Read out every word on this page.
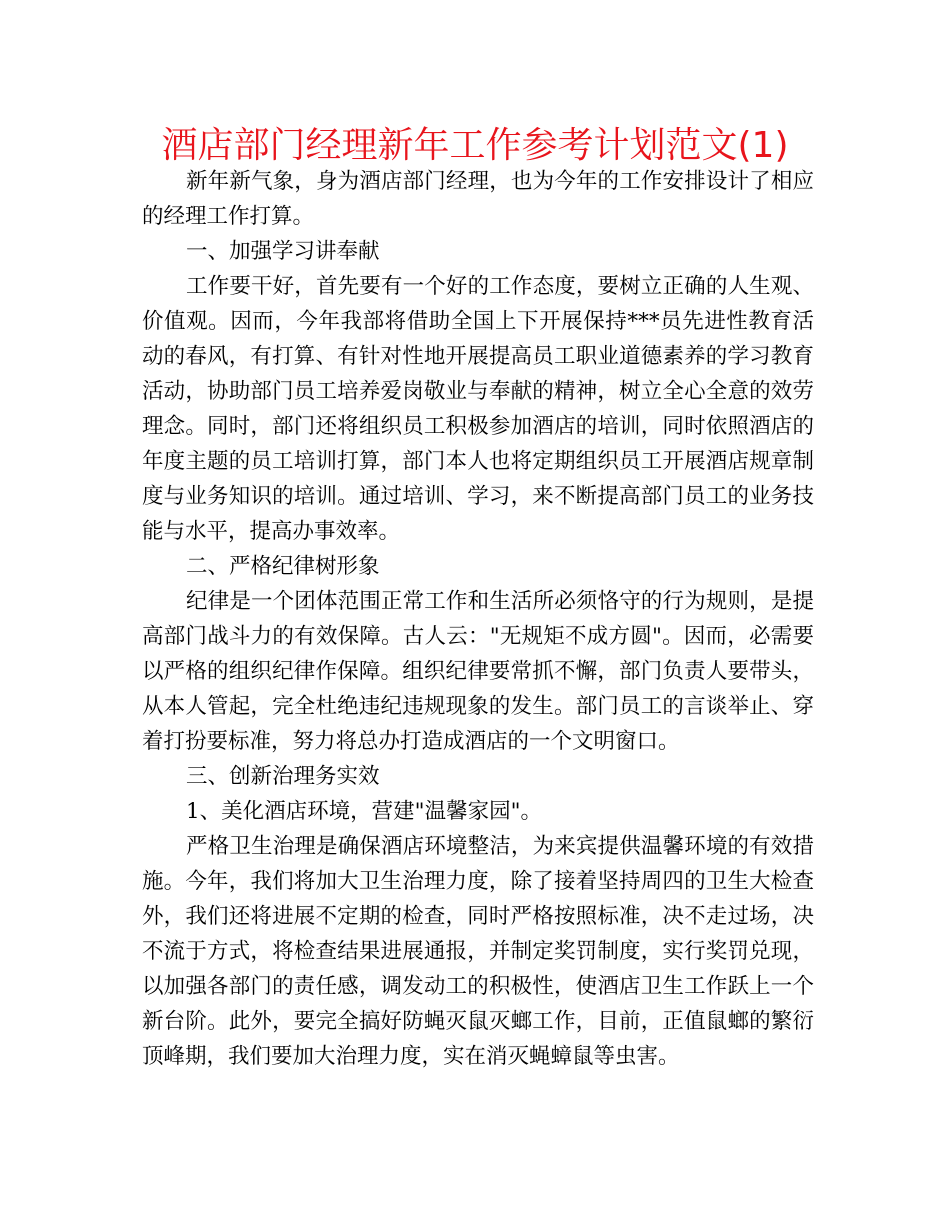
酒店部门经理新年工作参考计划范文(1)

新年新气象，身为酒店部门经理，也为今年的工作安排设计了相应的经理工作打算。

一、加强学习讲奉献

工作要干好，首先要有一个好的工作态度，要树立正确的人生观、价值观。因而，今年我部将借助全国上下开展保持***员先进性教育活动的春风，有打算、有针对性地开展提高员工职业道德素养的学习教育活动，协助部门员工培养爱岗敬业与奉献的精神，树立全心全意的效劳理念。同时，部门还将组织员工积极参加酒店的培训，同时依照酒店的年度主题的员工培训打算，部门本人也将定期组织员工开展酒店规章制度与业务知识的培训。通过培训、学习，来不断提高部门员工的业务技能与水平，提高办事效率。

二、严格纪律树形象

纪律是一个团体范围正常工作和生活所必须恪守的行为规则，是提高部门战斗力的有效保障。古人云："无规矩不成方圆"。因而，必需要以严格的组织纪律作保障。组织纪律要常抓不懈，部门负责人要带头，从本人管起，完全杜绝违纪违规现象的发生。部门员工的言谈举止、穿着打扮要标准，努力将总办打造成酒店的一个文明窗口。

三、创新治理务实效

1、美化酒店环境，营建"温馨家园"。

严格卫生治理是确保酒店环境整洁，为来宾提供温馨环境的有效措施。今年，我们将加大卫生治理力度，除了接着坚持周四的卫生大检查外，我们还将进展不定期的检查，同时严格按照标准，决不走过场，决不流于方式，将检查结果进展通报，并制定奖罚制度，实行奖罚兑现，以加强各部门的责任感，调发动工的积极性，使酒店卫生工作跃上一个新台阶。此外，要完全搞好防蝇灭鼠灭螂工作，目前，正值鼠螂的繁衍顶峰期，我们要加大治理力度，实在消灭蝇蟑鼠等虫害。
